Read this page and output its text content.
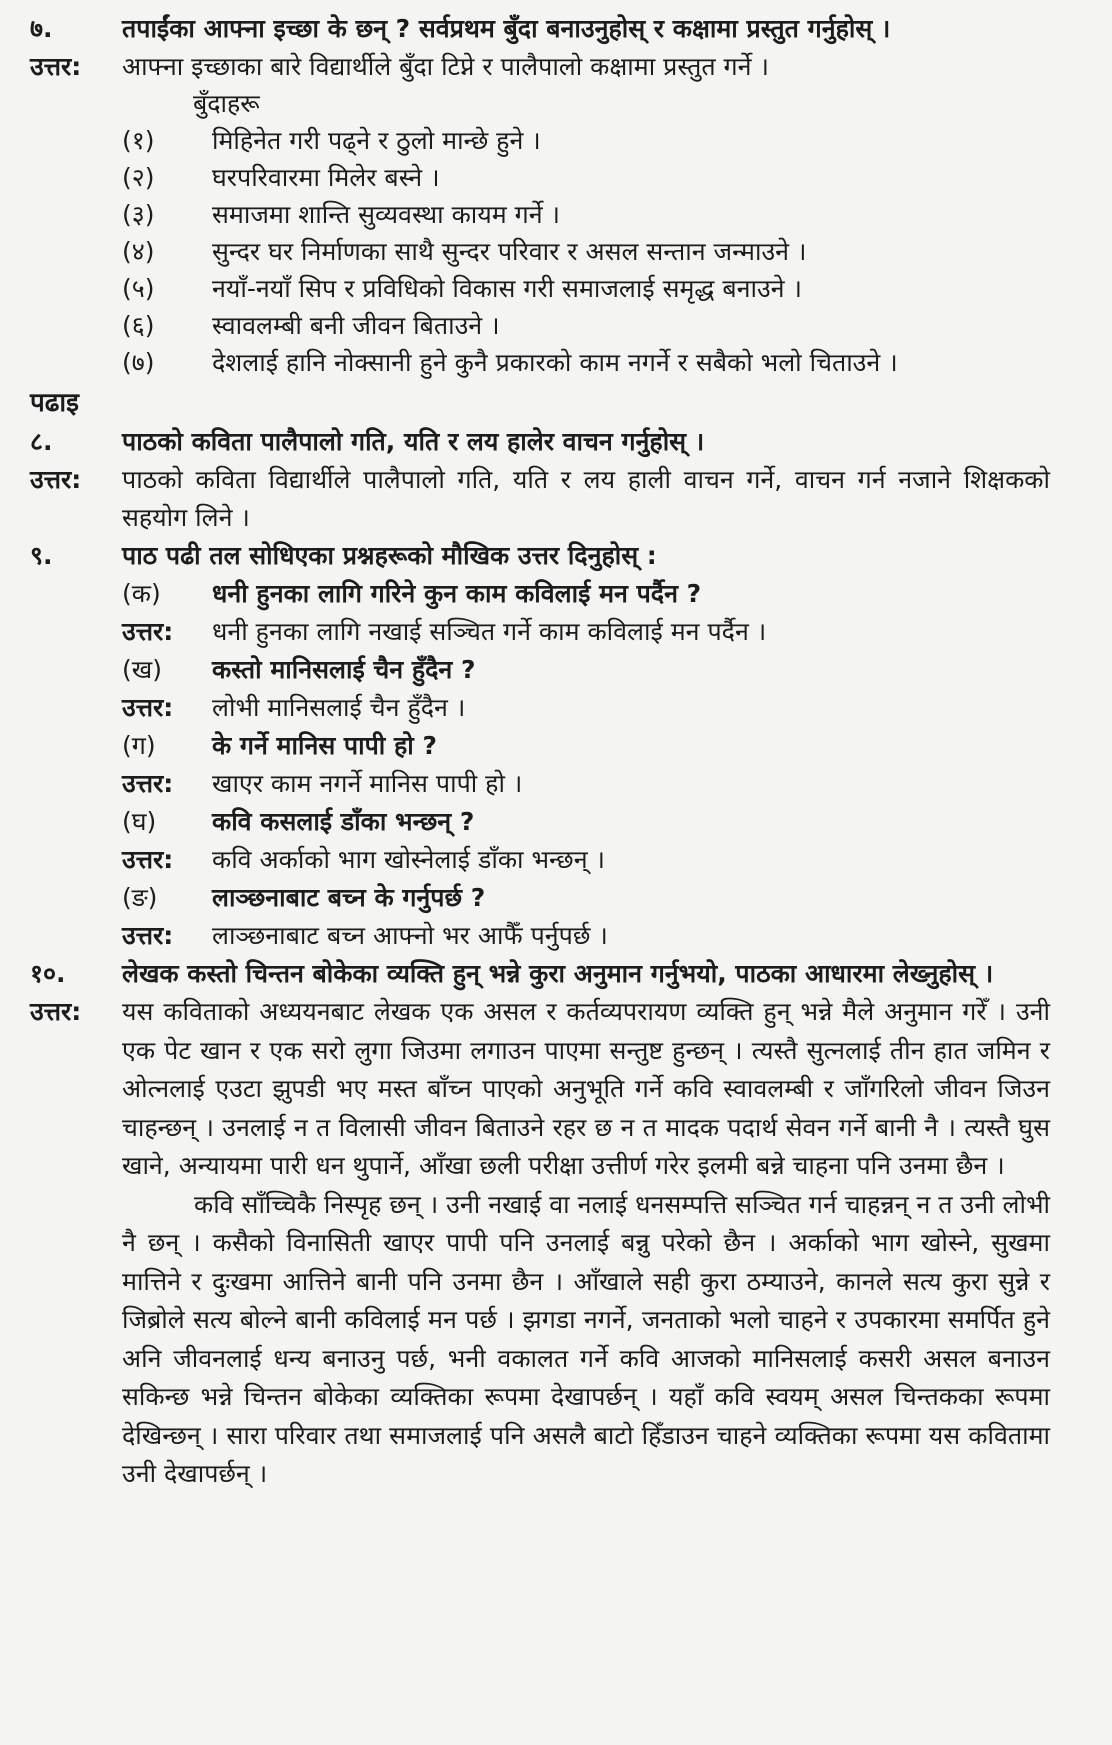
७.	तपाईंका आफ्ना इच्छा के छन् ? सर्वप्रथम बुँदा बनाउनुहोस् र कक्षामा प्रस्तुत गर्नुहोस् ।
उत्तर:	आफ्ना इच्छाका बारे विद्यार्थीले बुँदा टिप्ने र पालैपालो कक्षामा प्रस्तुत गर्ने ।
बुँदाहरू
(१)	मिहिनेत गरी पढ्ने र ठुलो मान्छे हुने ।
(२)	घरपरिवारमा मिलेर बस्ने ।
(३)	समाजमा शान्ति सुव्यवस्था कायम गर्ने ।
(४)	सुन्दर घर निर्माणका साथै सुन्दर परिवार र असल सन्तान जन्माउने ।
(५)	नयाँ-नयाँ सिप र प्रविधिको विकास गरी समाजलाई समृद्ध बनाउने ।
(६)	स्वावलम्बी बनी जीवन बिताउने ।
(७)	देशलाई हानि नोक्सानी हुने कुनै प्रकारको काम नगर्ने र सबैको भलो चिताउने ।
पढाइ
८.	पाठको कविता पालैपालो गति, यति र लय हालेर वाचन गर्नुहोस् ।
उत्तर:	पाठको कविता विद्यार्थीले पालैपालो गति, यति र लय हाली वाचन गर्ने, वाचन गर्न नजाने शिक्षकको सहयोग लिने ।
९.	पाठ पढी तल सोधिएका प्रश्नहरूको मौखिक उत्तर दिनुहोस् :
(क)	धनी हुनका लागि गरिने कुन काम कविलाई मन पर्दैन ?
उत्तर:	धनी हुनका लागि नखाई सञ्चित गर्ने काम कविलाई मन पर्दैन ।
(ख)	कस्तो मानिसलाई चैन हुँदैन ?
उत्तर:	लोभी मानिसलाई चैन हुँदैन ।
(ग)	के गर्ने मानिस पापी हो ?
उत्तर:	खाएर काम नगर्ने मानिस पापी हो ।
(घ)	कवि कसलाई डाँका भन्छन् ?
उत्तर:	कवि अर्काको भाग खोस्नेलाई डाँका भन्छन् ।
(ङ)	लाञ्छनाबाट बच्न के गर्नुपर्छ ?
उत्तर:	लाञ्छनाबाट बच्न आफ्नो भर आफैँ पर्नुपर्छ ।
१०.	लेखक कस्तो चिन्तन बोकेका व्यक्ति हुन् भन्ने कुरा अनुमान गर्नुभयो, पाठका आधारमा लेख्नुहोस् ।
उत्तर:	यस कविताको अध्ययनबाट लेखक एक असल र कर्तव्यपरायण व्यक्ति हुन् भन्ने मैले अनुमान गरेँ । उनी एक पेट खान र एक सरो लुगा जिउमा लगाउन पाएमा सन्तुष्ट हुन्छन् । त्यस्तै सुत्नलाई तीन हात जमिन र ओत्नलाई एउटा झुपडी भए मस्त बाँच्न पाएको अनुभूति गर्ने कवि स्वावलम्बी र जाँगरिलो जीवन जिउन चाहन्छन् । उनलाई न त विलासी जीवन बिताउने रहर छ न त मादक पदार्थ सेवन गर्ने बानी नै । त्यस्तै घुस खाने, अन्यायमा पारी धन थुपार्ने, आँखा छली परीक्षा उत्तीर्ण गरेर इलमी बन्ने चाहना पनि उनमा छैन ।
कवि साँच्चिकै निस्पृह छन् । उनी नखाई वा नलाई धनसम्पत्ति सञ्चित गर्न चाहन्नन् न त उनी लोभी नै छन् । कसैको विनासिती खाएर पापी पनि उनलाई बन्नु परेको छैन । अर्काको भाग खोस्ने, सुखमा मात्तिने र दुःखमा आत्तिने बानी पनि उनमा छैन । आँखाले सही कुरा ठम्याउने, कानले सत्य कुरा सुन्ने र जिब्रोले सत्य बोल्ने बानी कविलाई मन पर्छ । झगडा नगर्ने, जनताको भलो चाहने र उपकारमा समर्पित हुने अनि जीवनलाई धन्य बनाउनु पर्छ, भनी वकालत गर्ने कवि आजको मानिसलाई कसरी असल बनाउन सकिन्छ भन्ने चिन्तन बोकेका व्यक्तिका रूपमा देखापर्छन् । यहाँ कवि स्वयम् असल चिन्तकका रूपमा देखिन्छन् । सारा परिवार तथा समाजलाई पनि असलै बाटो हिँडाउन चाहने व्यक्तिका रूपमा यस कवितामा उनी देखापर्छन् ।
